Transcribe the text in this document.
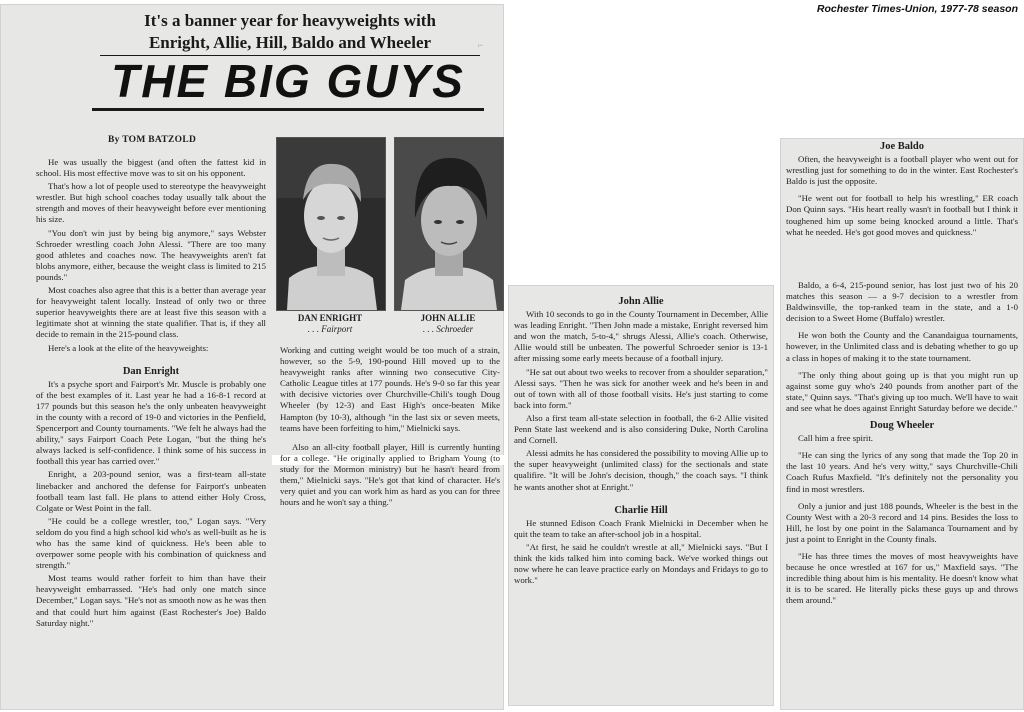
Rochester Times-Union, 1977-78 season
It's a banner year for heavyweights with
Enright, Allie, Hill, Baldo and Wheeler
THE BIG GUYS
⌐
By TOM BATZOLD

He was usually the biggest (and often the fattest kid in school. His most effective move was to sit on his opponent.

That's how a lot of people used to stereotype the heavyweight wrestler. But high school coaches today usually talk about the strength and moves of their heavyweight before ever mentioning his size.

"You don't win just by being big anymore," says Webster Schroeder wrestling coach John Alessi. "There are too many good athletes and coaches now. The heavyweights aren't fat blobs anymore, either, because the weight class is limited to 215 pounds."

Most coaches also agree that this is a better than average year for heavyweight talent locally. Instead of only two or three superior heavyweights there are at least five this season with a legitimate shot at winning the state qualifier. That is, if they all decide to remain in the 215-pound class.

Here's a look at the elite of the heavyweights:

Dan Enright

It's a psyche sport and Fairport's Mr. Muscle is probably one of the best examples of it. Last year he had a 16-8-1 record at 177 pounds but this season he's the only unbeaten heavyweight in the county with a record of 19-0 and victories in the Penfield, Spencerport and County tournaments. "We felt he always had the ability," says Fairport Coach Pete Logan, "but the thing he's always lacked is self-confidence. I think some of his success in football this year has carried over."

Enright, a 203-pound senior, was a first-team all-state linebacker and anchored the defense for Fairport's unbeaten football team last fall. He plans to attend either Holy Cross, Colgate or West Point in the fall.

"He could be a college wrestler, too," Logan says. "Very seldom do you find a high school kid who's as well-built as he is who has the same kind of quickness. He's been able to overpower some people with his combination of quickness and strength."

Most teams would rather forfeit to him than have their heavyweight embarrassed. "He's had only one match since December," Logan says. "He's not as smooth now as he was then and that could hurt him against (East Rochester's Joe) Baldo Saturday night."

DAN ENRIGHT
. . . Fairport
JOHN ALLIE
. . . Schroeder

Working and cutting weight would be too much of a strain, however, so the 5-9, 190-pound Hill moved up to the heavyweight ranks after winning two consecutive City-Catholic League titles at 177 pounds. He's 9-0 so far this year with decisive victories over Churchville-Chili's tough Doug Wheeler (by 12-3) and East High's once-beaten Mike Hampton (by 10-3), although "in the last six or seven meets, teams have been forfeiting to him," Mielnicki says.

Also an all-city football player, Hill is currently hunting for a college. "He originally applied to Brigham Young (to study for the Mormon ministry) but he hasn't heard from them," Mielnicki says. "He's got that kind of character. He's very quiet and you can work him as hard as you can for three hours and he won't say a thing."

John Allie

With 10 seconds to go in the County Tournament in December, Allie was leading Enright. "Then John made a mistake, Enright reversed him and won the match, 5-to-4," shrugs Alessi, Allie's coach. Otherwise, Allie would still be unbeaten. The powerful Schroeder senior is 13-1 after missing some early meets because of a football injury.

"He sat out about two weeks to recover from a shoulder separation," Alessi says. "Then he was sick for another week and he's been in and out of town with all of those football visits. He's just starting to come back into form."

Also a first team all-state selection in football, the 6-2 Allie visited Penn State last weekend and is also considering Duke, North Carolina and Cornell.

Alessi admits he has considered the possibility to moving Allie up to the super heavyweight (unlimited class) for the sectionals and state qualifire. "It will be John's decision, though," the coach says. "I think he wants another shot at Enright."

Charlie Hill

He stunned Edison Coach Frank Mielnicki in December when he quit the team to take an after-school job in a hospital.

"At first, he said he couldn't wrestle at all," Mielnicki says. "But I think the kids talked him into coming back. We've worked things out now where he can leave practice early on Mondays and Fridays to go to work."

Joe Baldo

Often, the heavyweight is a football player who went out for wrestling just for something to do in the winter. East Rochester's Baldo is just the opposite.

"He went out for football to help his wrestling," ER coach Don Quinn says. "His heart really wasn't in football but I think it toughened him up some being knocked around a little. That's what he needed. He's got good moves and quickness."

Baldo, a 6-4, 215-pound senior, has lost just two of his 20 matches this season — a 9-7 decision to a wrestler from Baldwinsville, the top-ranked team in the state, and a 1-0 decision to a Sweet Home (Buffalo) wrestler.

He won both the County and the Canandaigua tournaments, however, in the Unlimited class and is debating whether to go up a class in hopes of making it to the state tournament.

"The only thing about going up is that you might run up against some guy who's 240 pounds from another part of the state," Quinn says. "That's giving up too much. We'll have to wait and see what he does against Enright Saturday before we decide."

Doug Wheeler

Call him a free spirit.

"He can sing the lyrics of any song that made the Top 20 in the last 10 years. And he's very witty," says Churchville-Chili Coach Rufus Maxfield. "It's definitely not the personality you find in most wrestlers.

Only a junior and just 188 pounds, Wheeler is the best in the County West with a 20-3 record and 14 pins. Besides the loss to Hill, he lost by one point in the Salamanca Tournament and by just a point to Enright in the County finals.

"He has three times the moves of most heavyweights have because he once wrestled at 167 for us," Maxfield says. "The incredible thing about him is his mentality. He doesn't know what it is to be scared. He literally picks these guys up and throws them around."
